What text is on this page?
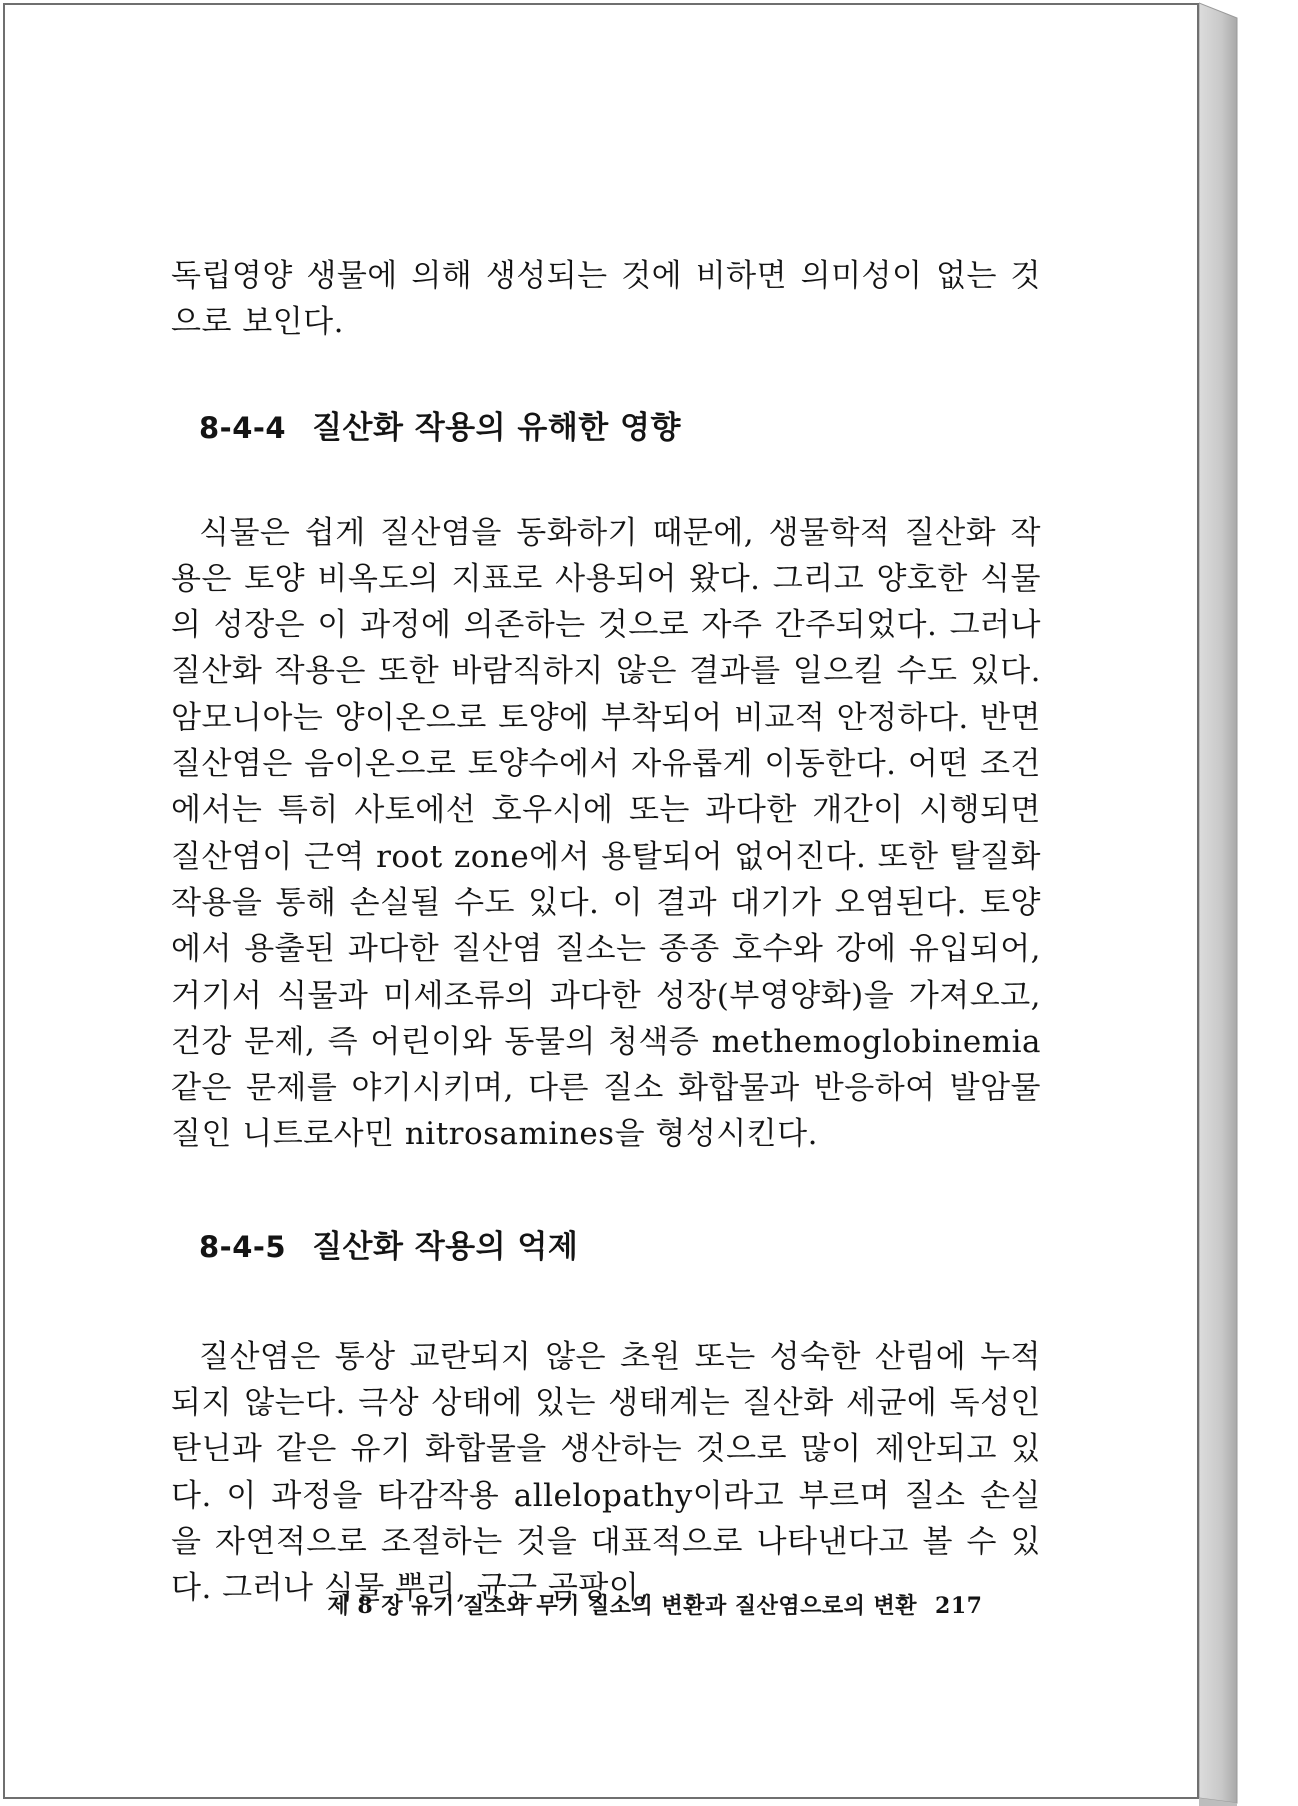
독립영양 생물에 의해 생성되는 것에 비하면 의미성이 없는 것으로 보인다.

8-4-4 질산화 작용의 유해한 영향

식물은 쉽게 질산염을 동화하기 때문에, 생물학적 질산화 작용은 토양 비옥도의 지표로 사용되어 왔다. 그리고 양호한 식물의 성장은 이 과정에 의존하는 것으로 자주 간주되었다. 그러나 질산화 작용은 또한 바람직하지 않은 결과를 일으킬 수도 있다. 암모니아는 양이온으로 토양에 부착되어 비교적 안정하다. 반면 질산염은 음이온으로 토양수에서 자유롭게 이동한다. 어떤 조건에서는 특히 사토에선 호우시에 또는 과다한 개간이 시행되면 질산염이 근역 root zone에서 용탈되어 없어진다. 또한 탈질화 작용을 통해 손실될 수도 있다. 이 결과 대기가 오염된다. 토양에서 용출된 과다한 질산염 질소는 종종 호수와 강에 유입되어, 거기서 식물과 미세조류의 과다한 성장(부영양화)을 가져오고, 건강 문제, 즉 어린이와 동물의 청색증 methemoglobinemia 같은 문제를 야기시키며, 다른 질소 화합물과 반응하여 발암물질인 니트로사민 nitrosamines을 형성시킨다.

8-4-5 질산화 작용의 억제

질산염은 통상 교란되지 않은 초원 또는 성숙한 산림에 누적되지 않는다. 극상 상태에 있는 생태계는 질산화 세균에 독성인 탄닌과 같은 유기 화합물을 생산하는 것으로 많이 제안되고 있다. 이 과정을 타감작용 allelopathy이라고 부르며 질소 손실을 자연적으로 조절하는 것을 대표적으로 나타낸다고 볼 수 있다. 그러나 식물 뿌리, 균근 곰팡이,

제 8 장 유기 질소와 무기 질소의 변환과 질산염으로의 변환 217
